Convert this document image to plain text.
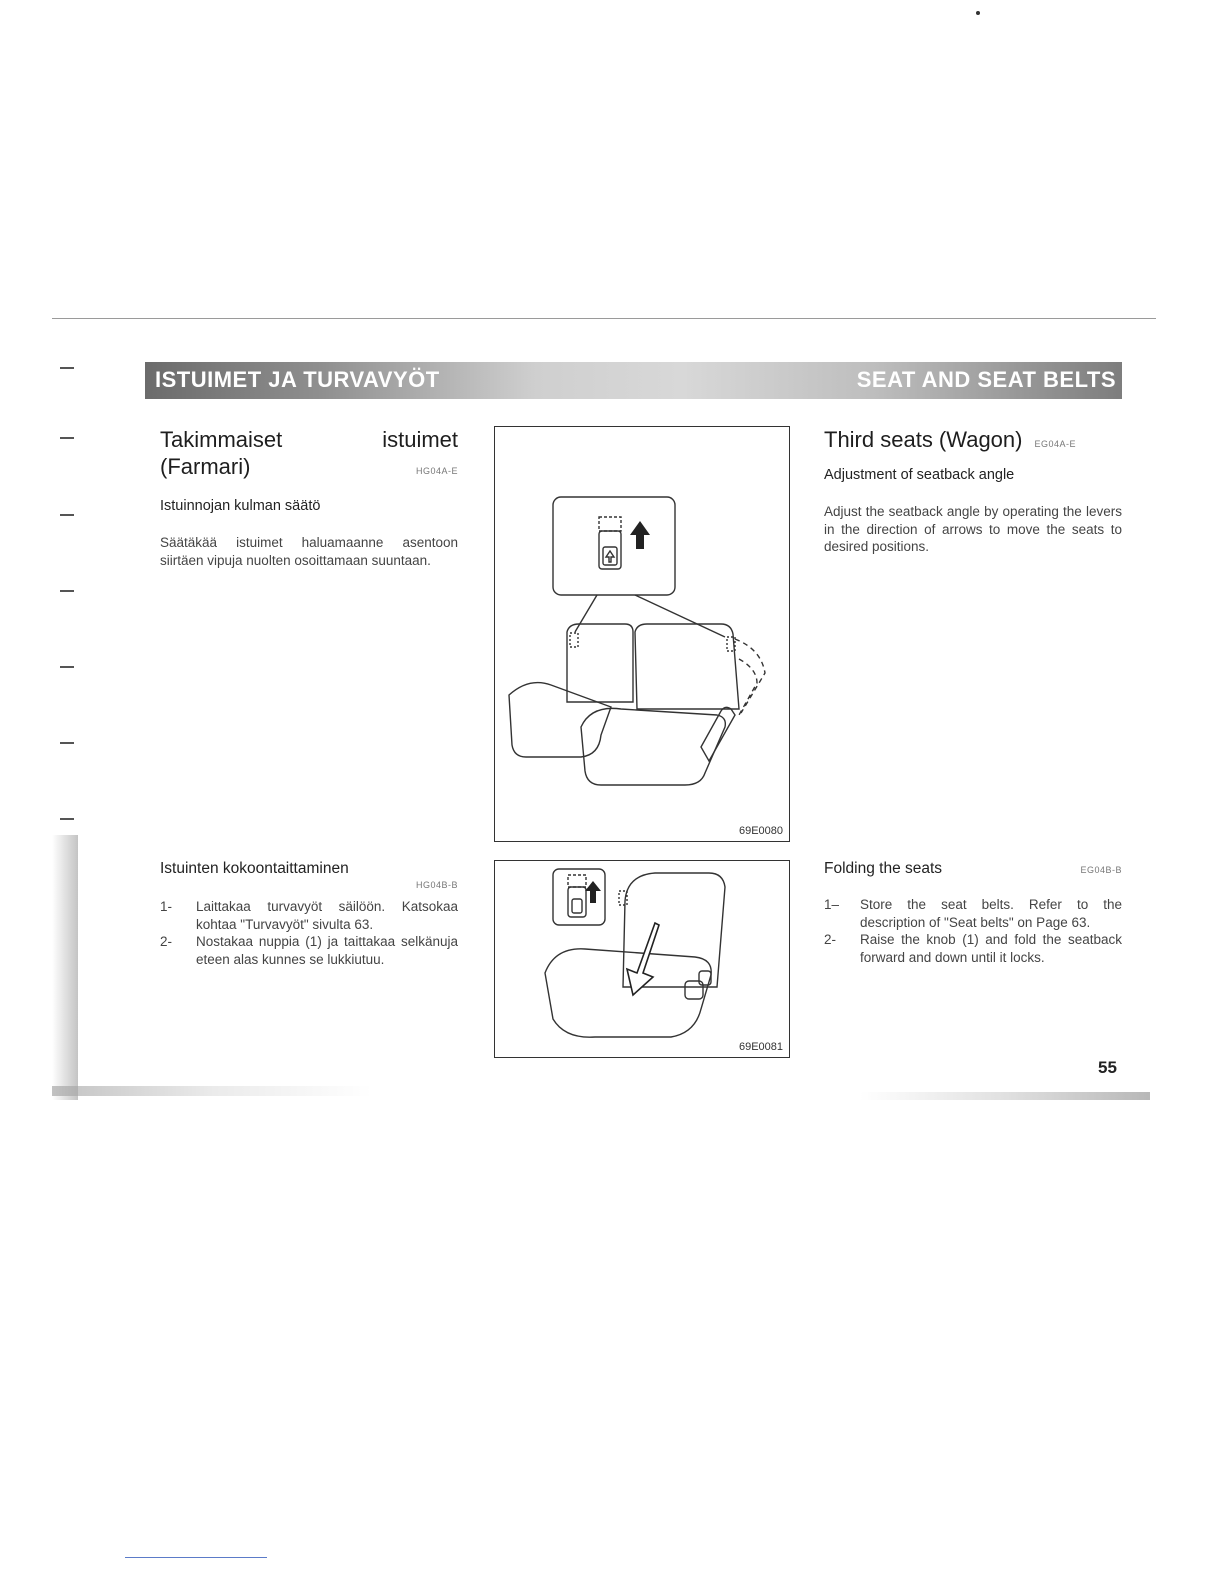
ISTUIMET JA TURVAVYÖT	SEAT AND SEAT BELTS
Takimmaiset	istuimet
(Farmari)	HG04A-E
Istuinnojan kulman säätö

Säätäkää istuimet haluamaanne asentoon siirtäen vipuja nuolten osoittamaan suuntaan.

Istuinten kokoontaittaminen
HG04B-B
1-	Laittakaa turvavyöt säilöön. Katsokaa kohtaa "Turvavyöt" sivulta 63.
2-	Nostakaa nuppia (1) ja taittakaa selkänuja eteen alas kunnes se lukkiutuu.
69E0080
69E0081
Third seats (Wagon) EG04A-E
Adjustment of seatback angle

Adjust the seatback angle by operating the levers in the direction of arrows to move the seats to desired positions.

Folding the seats	EG04B-B
1–	Store the seat belts. Refer to the description of "Seat belts" on Page 63.
2-	Raise the knob (1) and fold the seatback forward and down until it locks.
55
